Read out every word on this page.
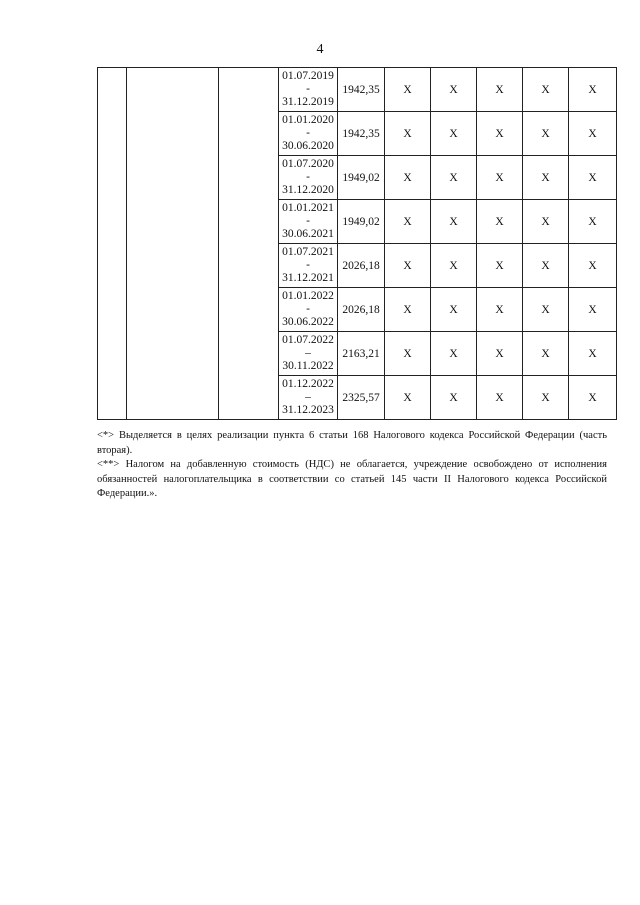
4

			01.07.2019
-
31.12.2019	1942,35	X	X	X	X	X

			01.01.2020
-
30.06.2020	1942,35	X	X	X	X	X

			01.07.2020
-
31.12.2020	1949,02	X	X	X	X	X

			01.01.2021
-
30.06.2021	1949,02	X	X	X	X	X

			01.07.2021
-
31.12.2021	2026,18	X	X	X	X	X

			01.01.2022
-
30.06.2022	2026,18	X	X	X	X	X

			01.07.2022
–
30.11.2022	2163,21	X	X	X	X	X

			01.12.2022
–
31.12.2023	2325,57	X	X	X	X	X

<*> Выделяется в целях реализации пункта 6 статьи 168 Налогового кодекса Российской Федерации (часть вторая).

<**> Налогом на добавленную стоимость (НДС) не облагается, учреждение освобождено от исполнения обязанностей налогоплательщика в соответствии со статьей 145 части II Налогового кодекса Российской Федерации.».
